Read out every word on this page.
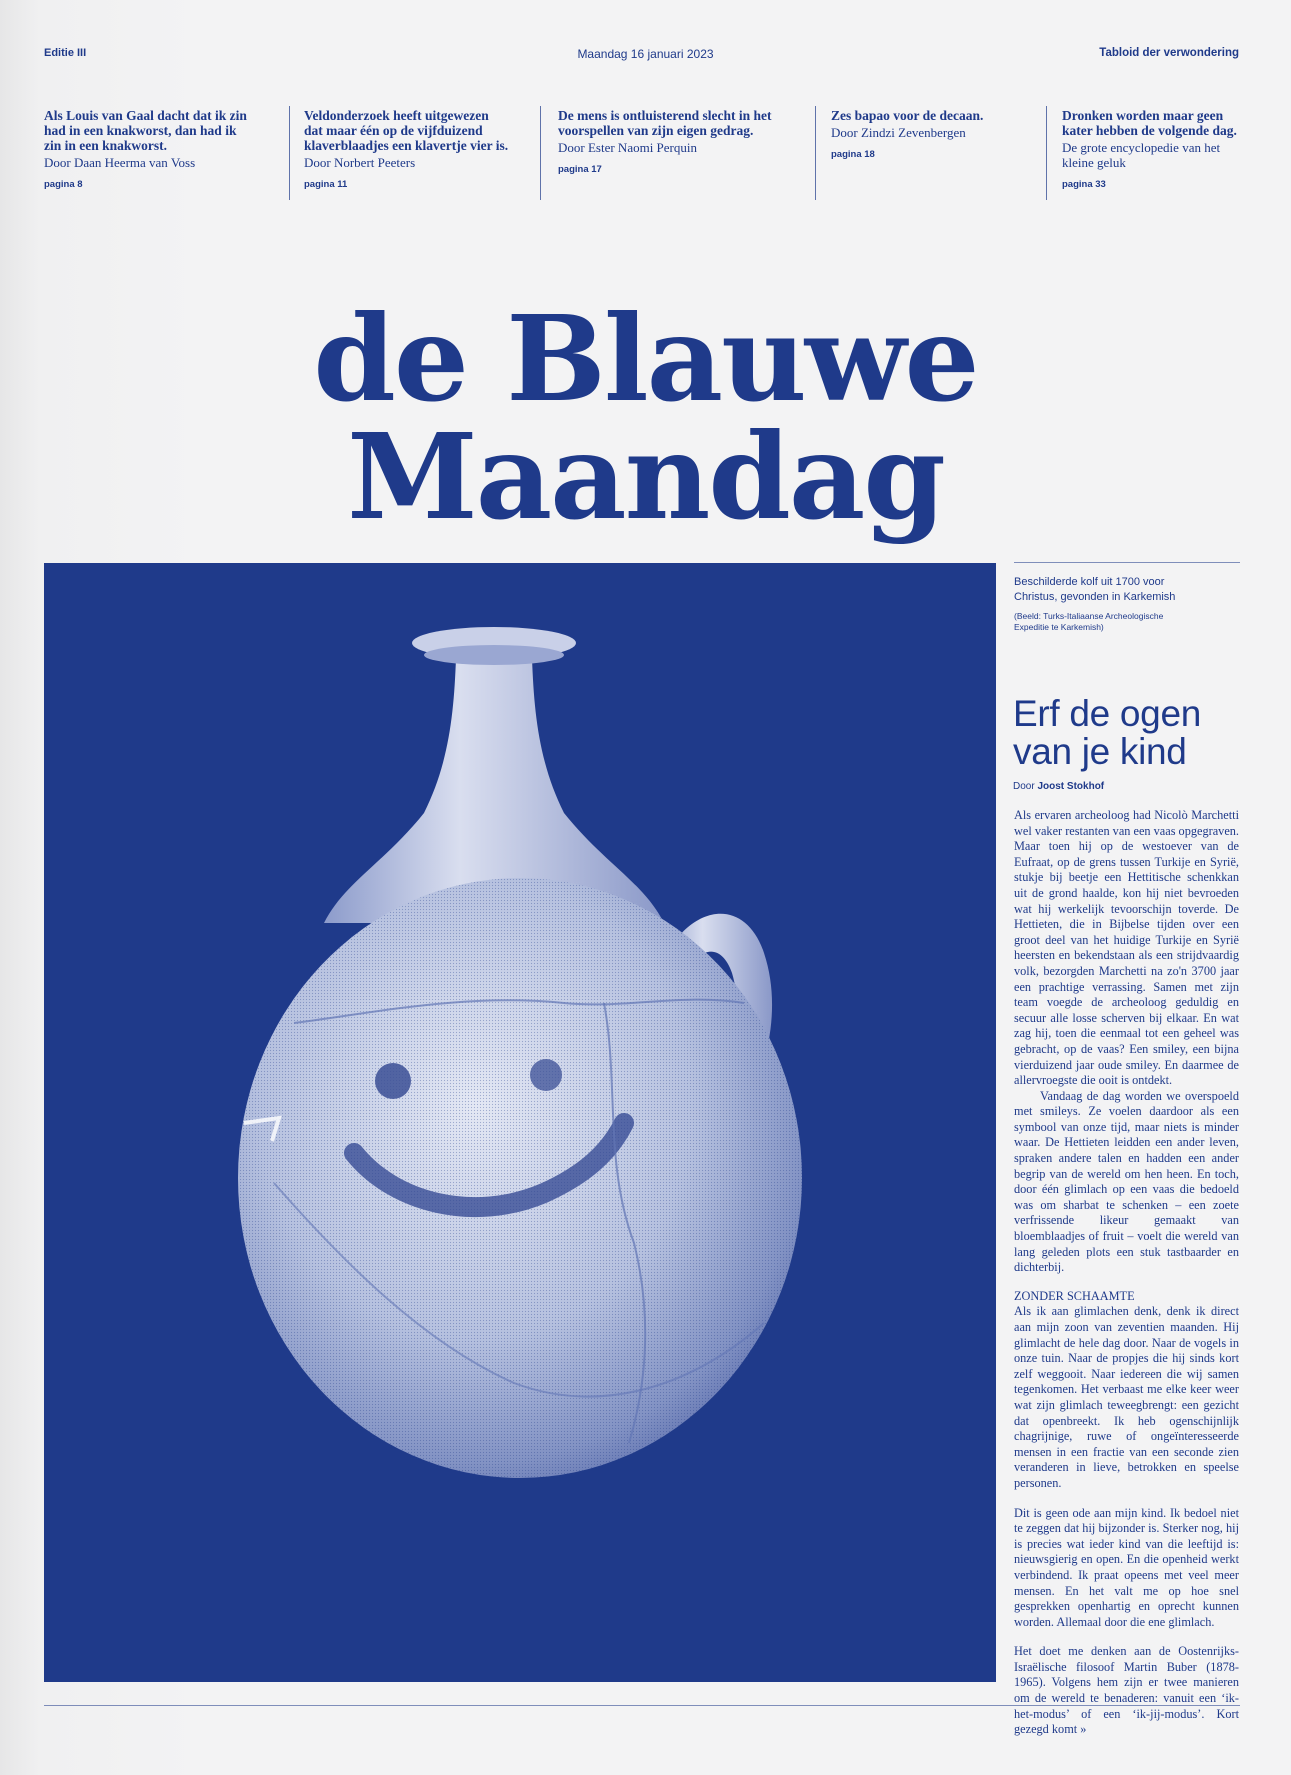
Editie III	Maandag 16 januari 2023	Tabloid der verwondering
Als Louis van Gaal dacht dat ik zin had in een knakworst, dan had ik zin in een knakworst.
Door Daan Heerma van Voss
pagina 8
Veldonderzoek heeft uitgewezen dat maar één op de vijfduizend klaverblaadjes een klavertje vier is.
Door Norbert Peeters
pagina 11
De mens is ontluisterend slecht in het voorspellen van zijn eigen gedrag.
Door Ester Naomi Perquin
pagina 17
Zes bapao voor de decaan.
Door Zindzi Zevenbergen
pagina 18
Dronken worden maar geen kater hebben de volgende dag.
De grote encyclopedie van het kleine geluk
pagina 33
de Blauwe Maandag
Beschilderde kolf uit 1700 voor Christus, gevonden in Karkemish
(Beeld: Turks-Italiaanse Archeologische Expeditie te Karkemish)
Erf de ogen van je kind
Door Joost Stokhof

Als ervaren archeoloog had Nicolò Marchetti wel vaker restanten van een vaas opgegraven. Maar toen hij op de westoever van de Eufraat, op de grens tussen Turkije en Syrië, stukje bij beetje een Hettitische schenkkan uit de grond haalde, kon hij niet bevroeden wat hij werkelijk tevoorschijn toverde. De Hettieten, die in Bijbelse tijden over een groot deel van het huidige Turkije en Syrië heersten en bekendstaan als een strijdvaardig volk, bezorgden Marchetti na zo'n 3700 jaar een prachtige verrassing. Samen met zijn team voegde de archeoloog geduldig en secuur alle losse scherven bij elkaar. En wat zag hij, toen die eenmaal tot een geheel was gebracht, op de vaas? Een smiley, een bijna vierduizend jaar oude smiley. En daarmee de allervroegste die ooit is ontdekt.

Vandaag de dag worden we overspoeld met smileys. Ze voelen daardoor als een symbool van onze tijd, maar niets is minder waar. De Hettieten leidden een ander leven, spraken andere talen en hadden een ander begrip van de wereld om hen heen. En toch, door één glimlach op een vaas die bedoeld was om sharbat te schenken – een zoete verfrissende likeur gemaakt van bloemblaadjes of fruit – voelt die wereld van lang geleden plots een stuk tastbaarder en dichterbij.

ZONDER SCHAAMTE

Als ik aan glimlachen denk, denk ik direct aan mijn zoon van zeventien maanden. Hij glimlacht de hele dag door. Naar de vogels in onze tuin. Naar de propjes die hij sinds kort zelf weggooit. Naar iedereen die wij samen tegenkomen. Het verbaast me elke keer weer wat zijn glimlach teweegbrengt: een gezicht dat openbreekt. Ik heb ogenschijnlijk chagrijnige, ruwe of ongeïnteresseerde mensen in een fractie van een seconde zien veranderen in lieve, betrokken en speelse personen.

Dit is geen ode aan mijn kind. Ik bedoel niet te zeggen dat hij bijzonder is. Sterker nog, hij is precies wat ieder kind van die leeftijd is: nieuwsgierig en open. En die openheid werkt verbindend. Ik praat opeens met veel meer mensen. En het valt me op hoe snel gesprekken openhartig en oprecht kunnen worden. Allemaal door die ene glimlach.

Het doet me denken aan de Oostenrijks-Israëlische filosoof Martin Buber (1878-1965). Volgens hem zijn er twee manieren om de wereld te benaderen: vanuit een ‘ik-het-modus’ of een ‘ik-jij-modus’. Kort gezegd komt »
